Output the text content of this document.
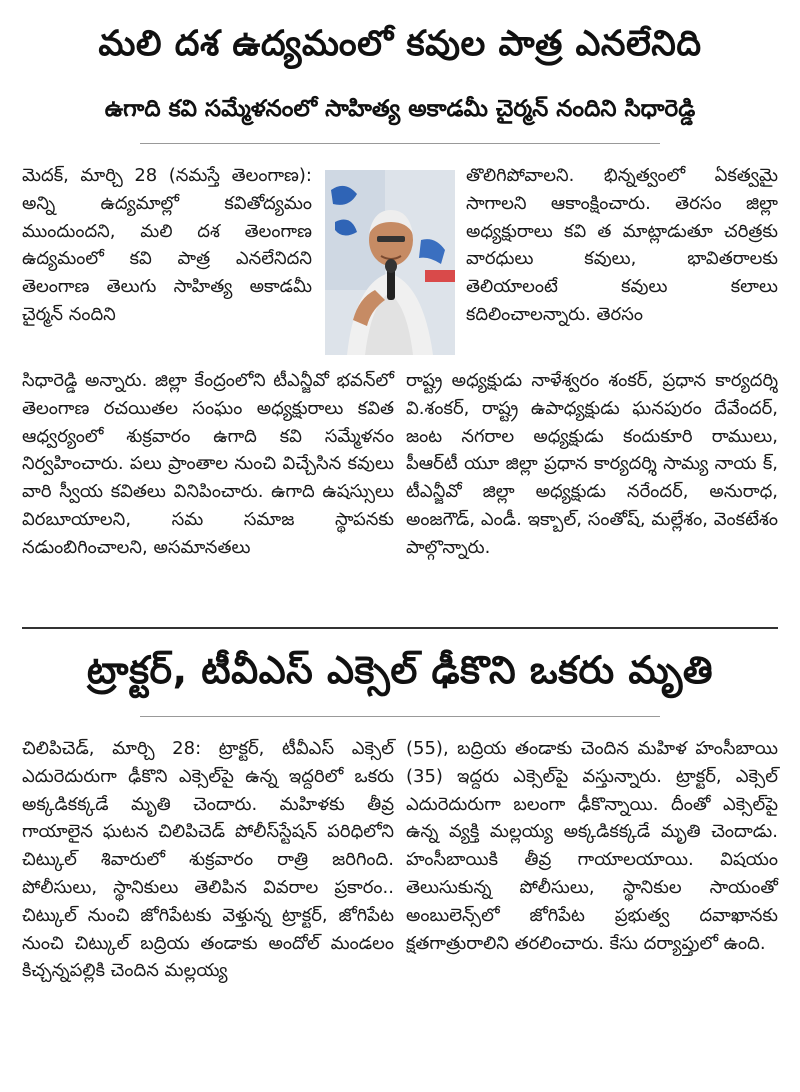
మలి దశ ఉద్యమంలో కవుల పాత్ర ఎనలేనిది
ఉగాది కవి సమ్మేళనంలో సాహిత్య అకాడమీ చైర్మన్ నందిని సిధారెడ్డి

మెదక్, మార్చి 28 (నమస్తే తెలంగాణ): అన్ని ఉద్యమాల్లో కవితోద్యమం ముందుందని, మలి దశ తెలంగాణ ఉద్యమంలో కవి పాత్ర ఎనలేనిదని తెలంగాణ తెలుగు సాహిత్య అకాడమీ చైర్మన్ నందిని

సిధారెడ్డి అన్నారు. జిల్లా కేంద్రంలోని టీఎన్జీవో భవన్‌లో తెలంగాణ రచయితల సంఘం అధ్యక్షురాలు కవిత ఆధ్వర్యంలో శుక్రవారం ఉగాది కవి సమ్మేళనం నిర్వహించారు. పలు ప్రాంతాల నుంచి విచ్చేసిన కవులు వారి స్వీయ కవితలు వినిపించారు. ఉగాది ఉషస్సులు విరబూయాలని, సమ సమాజ స్థాపనకు నడుంబిగించాలని, అసమానతలు

తొలిగిపోవాలని. భిన్నత్వంలో ఏకత్వమై సాగాలని ఆకాంక్షించారు. తెరసం జిల్లా అధ్యక్షురాలు కవి త మాట్లాడుతూ చరిత్రకు వారధులు కవులు, భావితరాలకు తెలియాలంటే కవులు కలాలు కదిలించాలన్నారు. తెరసం

రాష్ట్ర అధ్యక్షుడు నాళేశ్వరం శంకర్, ప్రధాన కార్యదర్శి వి.శంకర్, రాష్ట్ర ఉపాధ్యక్షుడు ఘనపురం దేవేందర్, జంట నగరాల అధ్యక్షుడు కందుకూరి రాములు, పీఆర్‌టీ యూ జిల్లా ప్రధాన కార్యదర్శి సామ్య నాయ క్, టీఎన్జీవో జిల్లా అధ్యక్షుడు నరేందర్, అనురాధ, అంజగౌడ్, ఎండీ. ఇక్బాల్, సంతోష్, మల్లేశం, వెంకటేశం పాల్గొన్నారు.

ట్రాక్టర్, టీవీఎస్ ఎక్సెల్ ఢీకొని ఒకరు మృతి

చిలిపిచెడ్, మార్చి 28: ట్రాక్టర్, టీవీఎస్ ఎక్సెల్ ఎదురెదురుగా ఢీకొని ఎక్సెల్‌పై ఉన్న ఇద్దరిలో ఒకరు అక్కడికక్కడే మృతి చెందారు. మహిళకు తీవ్ర గాయాలైన ఘటన చిలిపిచెడ్ పోలీస్‌స్టేషన్ పరిధిలోని చిట్కుల్ శివారులో శుక్రవారం రాత్రి జరిగింది. పోలీసులు, స్థానికులు తెలిపిన వివరాల ప్రకారం.. చిట్కుల్ నుంచి జోగిపేటకు వెళ్తున్న ట్రాక్టర్, జోగిపేట నుంచి చిట్కుల్ బద్రియ తండాకు అందోల్ మండలం కిచ్చన్నపల్లికి చెందిన మల్లయ్య

(55), బద్రియ తండాకు చెందిన మహిళ హంసీబాయి (35) ఇద్దరు ఎక్సెల్‌పై వస్తున్నారు. ట్రాక్టర్, ఎక్సెల్ ఎదురెదురుగా బలంగా ఢీకొన్నాయి. దీంతో ఎక్సెల్‌పై ఉన్న వ్యక్తి మల్లయ్య అక్కడికక్కడే మృతి చెందాడు. హంసీబాయికి తీవ్ర గాయాలయాయి. విషయం తెలుసుకున్న పోలీసులు, స్థానికుల సాయంతో అంబులెన్స్‌లో జోగిపేట ప్రభుత్వ దవాఖానకు క్షతగాత్రురాలిని తరలించారు. కేసు దర్యాప్తులో ఉంది.
